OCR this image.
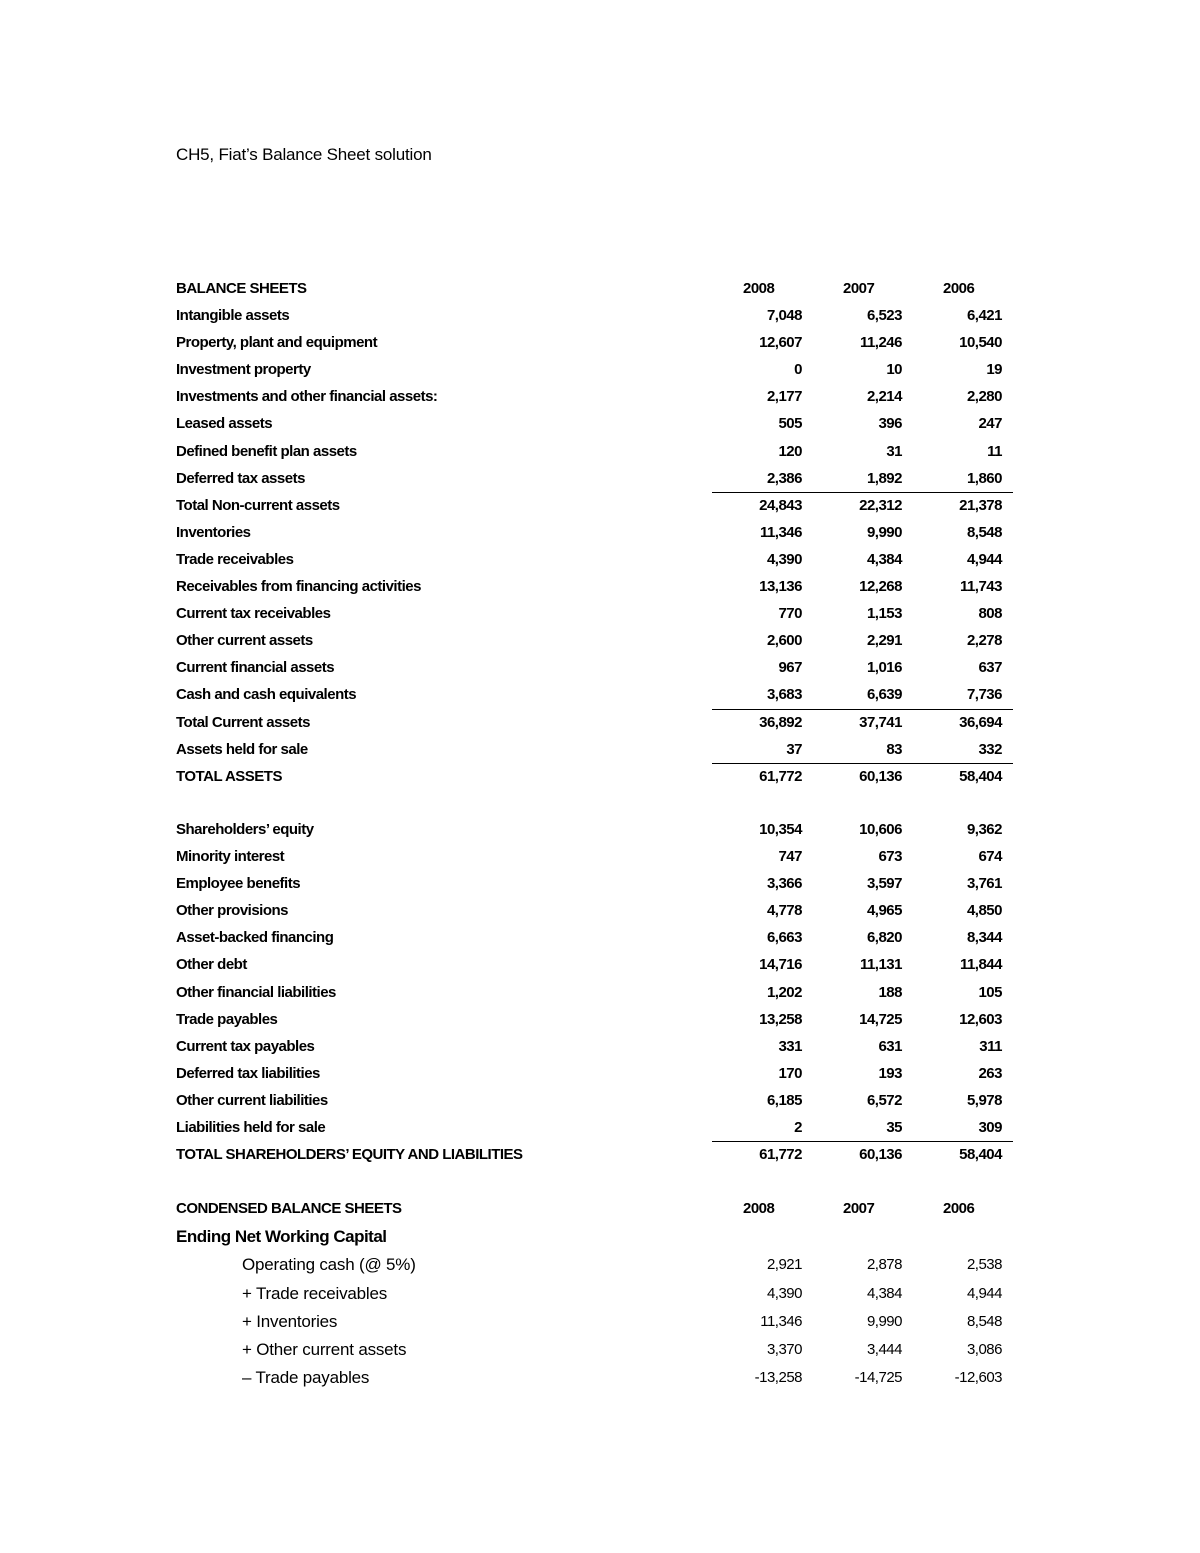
CH5, Fiat’s Balance Sheet solution
BALANCE SHEETS	2008	2007	2006
Intangible assets	7,048	6,523	6,421
Property, plant and equipment	12,607	11,246	10,540
Investment property	0	10	19
Investments and other financial assets:	2,177	2,214	2,280
Leased assets	505	396	247
Defined benefit plan assets	120	31	11
Deferred tax assets	2,386	1,892	1,860
Total Non-current assets	24,843	22,312	21,378
Inventories	11,346	9,990	8,548
Trade receivables	4,390	4,384	4,944
Receivables from financing activities	13,136	12,268	11,743
Current tax receivables	770	1,153	808
Other current assets	2,600	2,291	2,278
Current financial assets	967	1,016	637
Cash and cash equivalents	3,683	6,639	7,736
Total Current assets	36,892	37,741	36,694
Assets held for sale	37	83	332
TOTAL ASSETS	61,772	60,136	58,404
Shareholders’ equity	10,354	10,606	9,362
Minority interest	747	673	674
Employee benefits	3,366	3,597	3,761
Other provisions	4,778	4,965	4,850
Asset-backed financing	6,663	6,820	8,344
Other debt	14,716	11,131	11,844
Other financial liabilities	1,202	188	105
Trade payables	13,258	14,725	12,603
Current tax payables	331	631	311
Deferred tax liabilities	170	193	263
Other current liabilities	6,185	6,572	5,978
Liabilities held for sale	2	35	309
TOTAL SHAREHOLDERS’ EQUITY AND LIABILITIES	61,772	60,136	58,404
CONDENSED BALANCE SHEETS	2008	2007	2006
Ending Net Working Capital
Operating cash (@ 5%)	2,921	2,878	2,538
+ Trade receivables	4,390	4,384	4,944
+ Inventories	11,346	9,990	8,548
+ Other current assets	3,370	3,444	3,086
– Trade payables	-13,258	-14,725	-12,603
